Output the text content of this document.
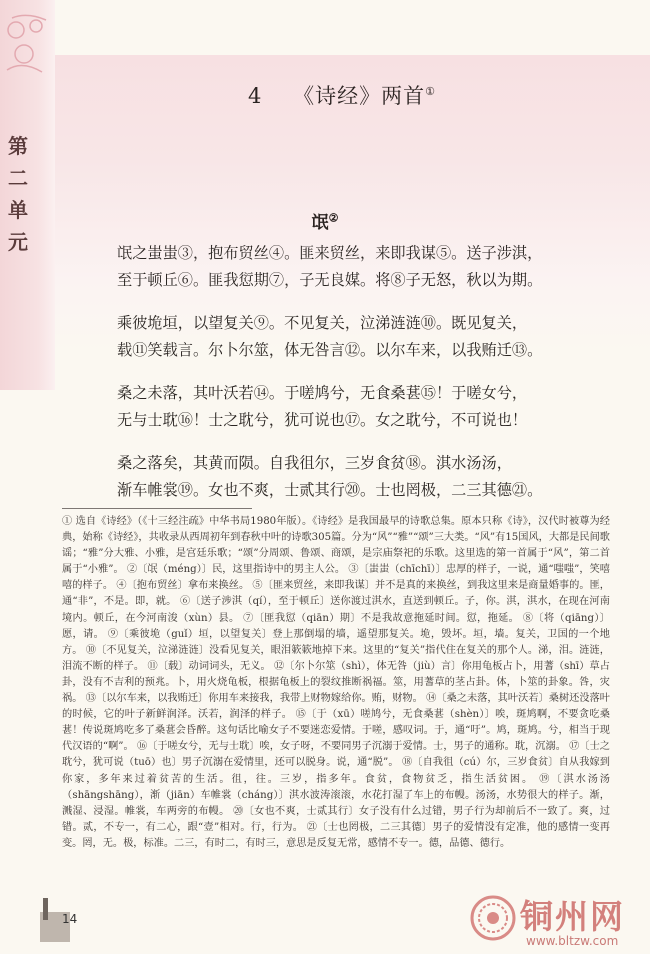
第
二
单
元
4 《诗经》两首①
氓②

氓之蚩蚩③，抱布贸丝④。匪来贸丝，来即我谋⑤。送子涉淇，

至于顿丘⑥。匪我愆期⑦，子无良媒。将⑧子无怒，秋以为期。

乘彼垝垣，以望复关⑨。不见复关，泣涕涟涟⑩。既见复关，

载⑪笑载言。尔卜尔筮，体无咎言⑫。以尔车来，以我贿迁⑬。

桑之未落，其叶沃若⑭。于嗟鸠兮，无食桑葚⑮！于嗟女兮，

无与士耽⑯！士之耽兮，犹可说也⑰。女之耽兮，不可说也！

桑之落矣，其黄而陨。自我徂尔，三岁食贫⑱。淇水汤汤，

渐车帷裳⑲。女也不爽，士贰其行⑳。士也罔极，二三其德㉑。

① 选自《诗经》（《十三经注疏》中华书局1980年版）。《诗经》是我国最早的诗歌总集。原本只称《诗》，汉代时被尊为经典，始称《诗经》，共收录从西周初年到春秋中叶的诗歌305篇。分为“风”“雅”“颂”三大类。“风”有15国风，大都是民间歌谣；“雅”分大雅、小雅，是宫廷乐歌；“颂”分周颂、鲁颂、商颂，是宗庙祭祀的乐歌。这里选的第一首属于“风”，第二首属于“小雅”。 ②〔氓（méng）〕民，这里指诗中的男主人公。 ③〔蚩蚩（chīchī）〕忠厚的样子，一说，通“嗤嗤”，笑嘻嘻的样子。 ④〔抱布贸丝〕拿布来换丝。 ⑤〔匪来贸丝，来即我谋〕并不是真的来换丝，到我这里来是商量婚事的。匪，通“非”，不是。即，就。 ⑥〔送子涉淇（qí），至于顿丘〕送你渡过淇水，直送到顿丘。子，你。淇，淇水，在现在河南境内。顿丘，在今河南浚（xùn）县。 ⑦〔匪我愆（qiān）期〕不是我故意拖延时间。愆，拖延。 ⑧〔将（qiāng）〕愿，请。 ⑨〔乘彼垝（guǐ）垣，以望复关〕登上那倒塌的墙，遥望那复关。垝，毁坏。垣，墙。复关，卫国的一个地方。 ⑩〔不见复关，泣涕涟涟〕没看见复关，眼泪簌簌地掉下来。这里的“复关”指代住在复关的那个人。涕，泪。涟涟，泪流不断的样子。 ⑪〔载〕动词词头，无义。 ⑫〔尔卜尔筮（shì），体无咎（jiù）言〕你用龟板占卜，用蓍（shī）草占卦，没有不吉利的预兆。卜，用火烧龟板，根据龟板上的裂纹推断祸福。筮，用蓍草的茎占卦。体，卜筮的卦象。咎，灾祸。 ⑬〔以尔车来，以我贿迁〕你用车来接我，我带上财物嫁给你。贿，财物。 ⑭〔桑之未落，其叶沃若〕桑树还没落叶的时候，它的叶子新鲜润泽。沃若，润泽的样子。 ⑮〔于（xū）嗟鸠兮，无食桑葚（shèn）〕唉，斑鸠啊，不要贪吃桑葚！传说斑鸠吃多了桑葚会昏醉。这句话比喻女子不要迷恋爱情。于嗟，感叹词。于，通“吁”。鸠，斑鸠。兮，相当于现代汉语的“啊”。 ⑯〔于嗟女兮，无与士耽〕唉，女子呀，不要同男子沉溺于爱情。士，男子的通称。耽，沉溺。 ⑰〔士之耽兮，犹可说（tuō）也〕男子沉溺在爱情里，还可以脱身。说，通“脱”。 ⑱〔自我徂（cú）尔，三岁食贫〕自从我嫁到你家，多年来过着贫苦的生活。徂，往。三岁，指多年。食贫，食物贫乏，指生活贫困。 ⑲〔淇水汤汤（shāngshāng），渐（jiān）车帷裳（cháng）〕淇水波涛滚滚，水花打湿了车上的布幔。汤汤，水势很大的样子。渐，溅湿、浸湿。帷裳，车两旁的布幔。 ⑳〔女也不爽，士贰其行〕女子没有什么过错，男子行为却前后不一致了。爽，过错。贰，不专一，有二心，跟“壹”相对。行，行为。 ㉑〔士也罔极，二三其德〕男子的爱情没有定准，他的感情一变再变。罔，无。极，标准。二三，有时二，有时三，意思是反复无常，感情不专一。德，品德、德行。

14	铜州网
www.bltzw.com
